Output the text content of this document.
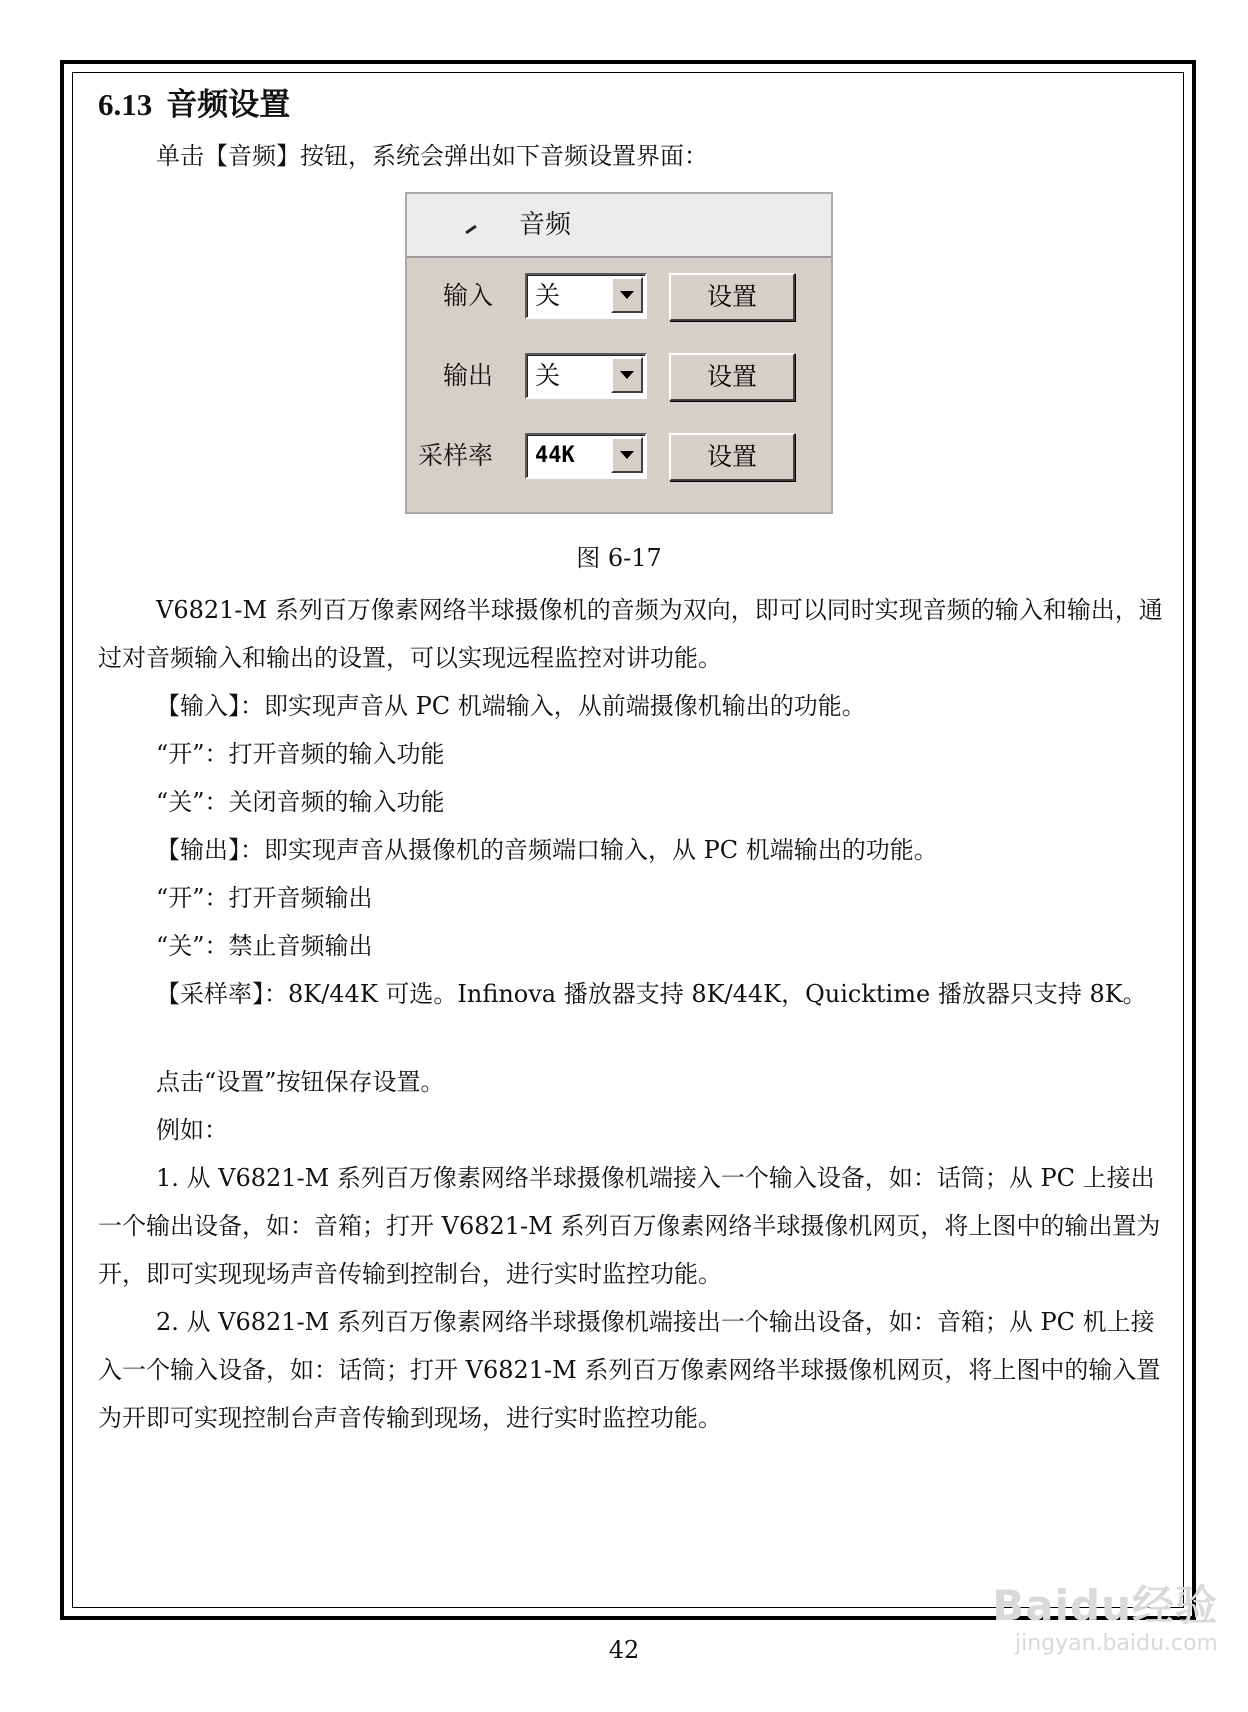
6.13 音频设置

单击【音频】按钮，系统会弹出如下音频设置界面：

音频
输入 关	设置
输出 关	设置
采样率 44K	设置
图 6-17

V6821-M 系列百万像素网络半球摄像机的音频为双向，即可以同时实现音频的输入和输出，通过对音频输入和输出的设置，可以实现远程监控对讲功能。

【输入】：即实现声音从 PC 机端输入，从前端摄像机输出的功能。

“开”：打开音频的输入功能

“关”：关闭音频的输入功能

【输出】：即实现声音从摄像机的音频端口输入，从 PC 机端输出的功能。

“开”：打开音频输出

“关”：禁止音频输出

【采样率】：8K/44K 可选。Infinova 播放器支持 8K/44K，Quicktime 播放器只支持 8K。

点击“设置”按钮保存设置。

例如：

1. 从 V6821-M 系列百万像素网络半球摄像机端接入一个输入设备，如：话筒；从 PC 上接出一个输出设备，如：音箱；打开 V6821-M 系列百万像素网络半球摄像机网页，将上图中的输出置为开，即可实现现场声音传输到控制台，进行实时监控功能。

2. 从 V6821-M 系列百万像素网络半球摄像机端接出一个输出设备，如：音箱；从 PC 机上接入一个输入设备，如：话筒；打开 V6821-M 系列百万像素网络半球摄像机网页，将上图中的输入置为开即可实现控制台声音传输到现场，进行实时监控功能。

42
Baidu经验
jingyan.baidu.com
